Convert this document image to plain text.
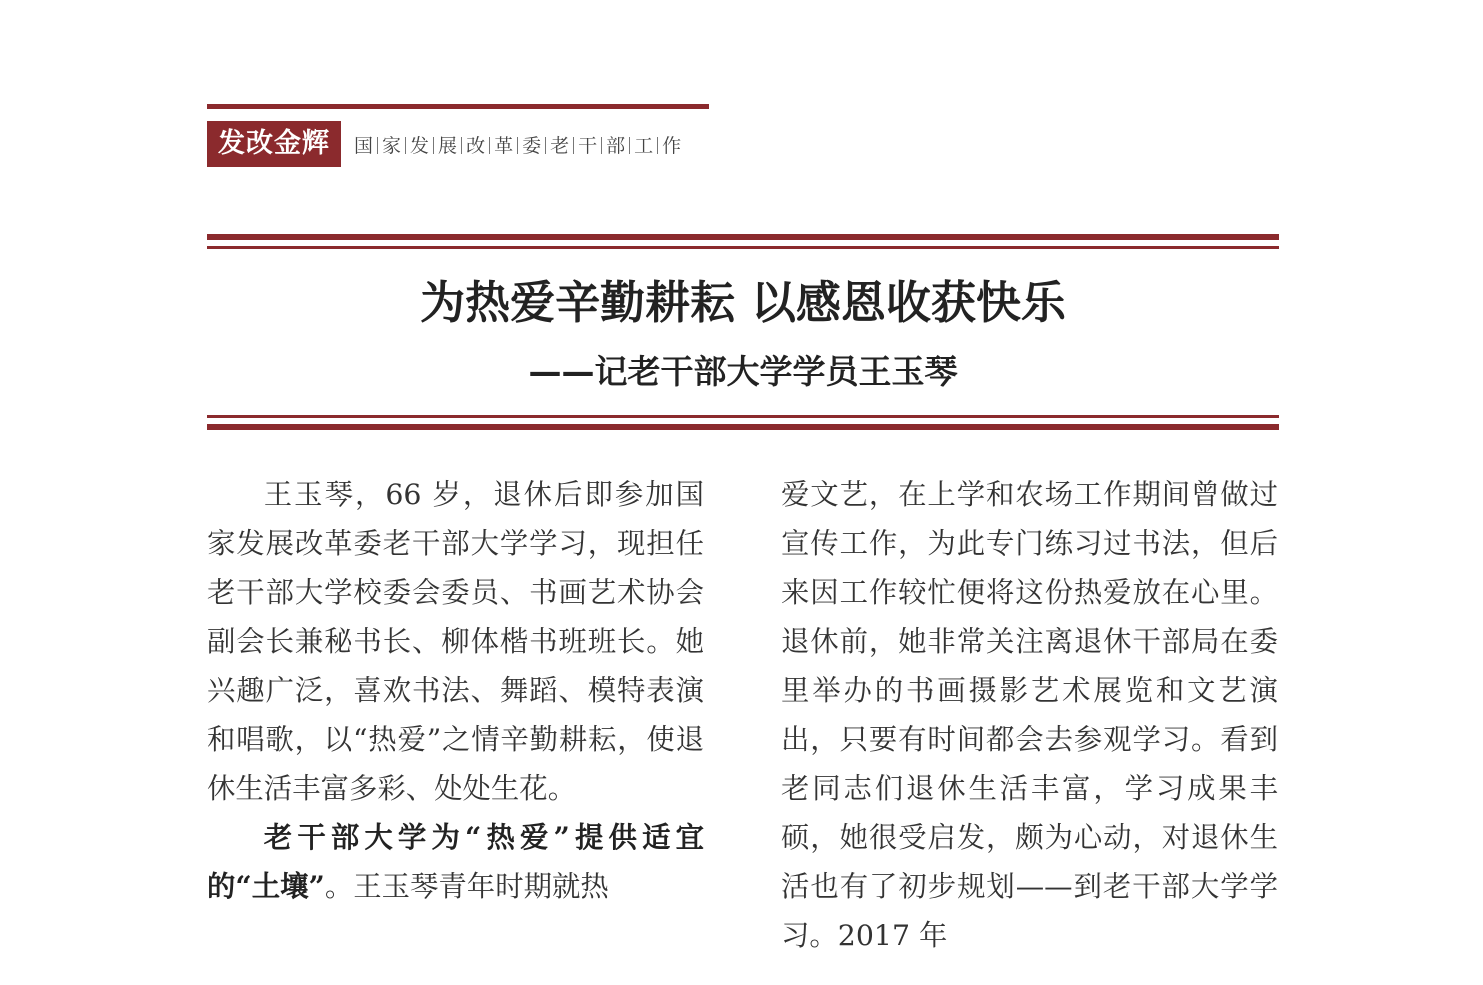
发改金辉	国 家 发 展 改 革 委 老 干 部 工 作
为热爱辛勤耕耘 以感恩收获快乐
——记老干部大学学员王玉琴

王玉琴，66 岁，退休后即参加国家发展改革委老干部大学学习，现担任老干部大学校委会委员、书画艺术协会副会长兼秘书长、柳体楷书班班长。她兴趣广泛，喜欢书法、舞蹈、模特表演和唱歌，以“热爱”之情辛勤耕耘，使退休生活丰富多彩、处处生花。

老干部大学为“热爱”提供适宜的“土壤”。王玉琴青年时期就热

爱文艺，在上学和农场工作期间曾做过宣传工作，为此专门练习过书法，但后来因工作较忙便将这份热爱放在心里。退休前，她非常关注离退休干部局在委里举办的书画摄影艺术展览和文艺演出，只要有时间都会去参观学习。看到老同志们退休生活丰富，学习成果丰硕，她很受启发，颇为心动，对退休生活也有了初步规划——到老干部大学学习。2017 年
